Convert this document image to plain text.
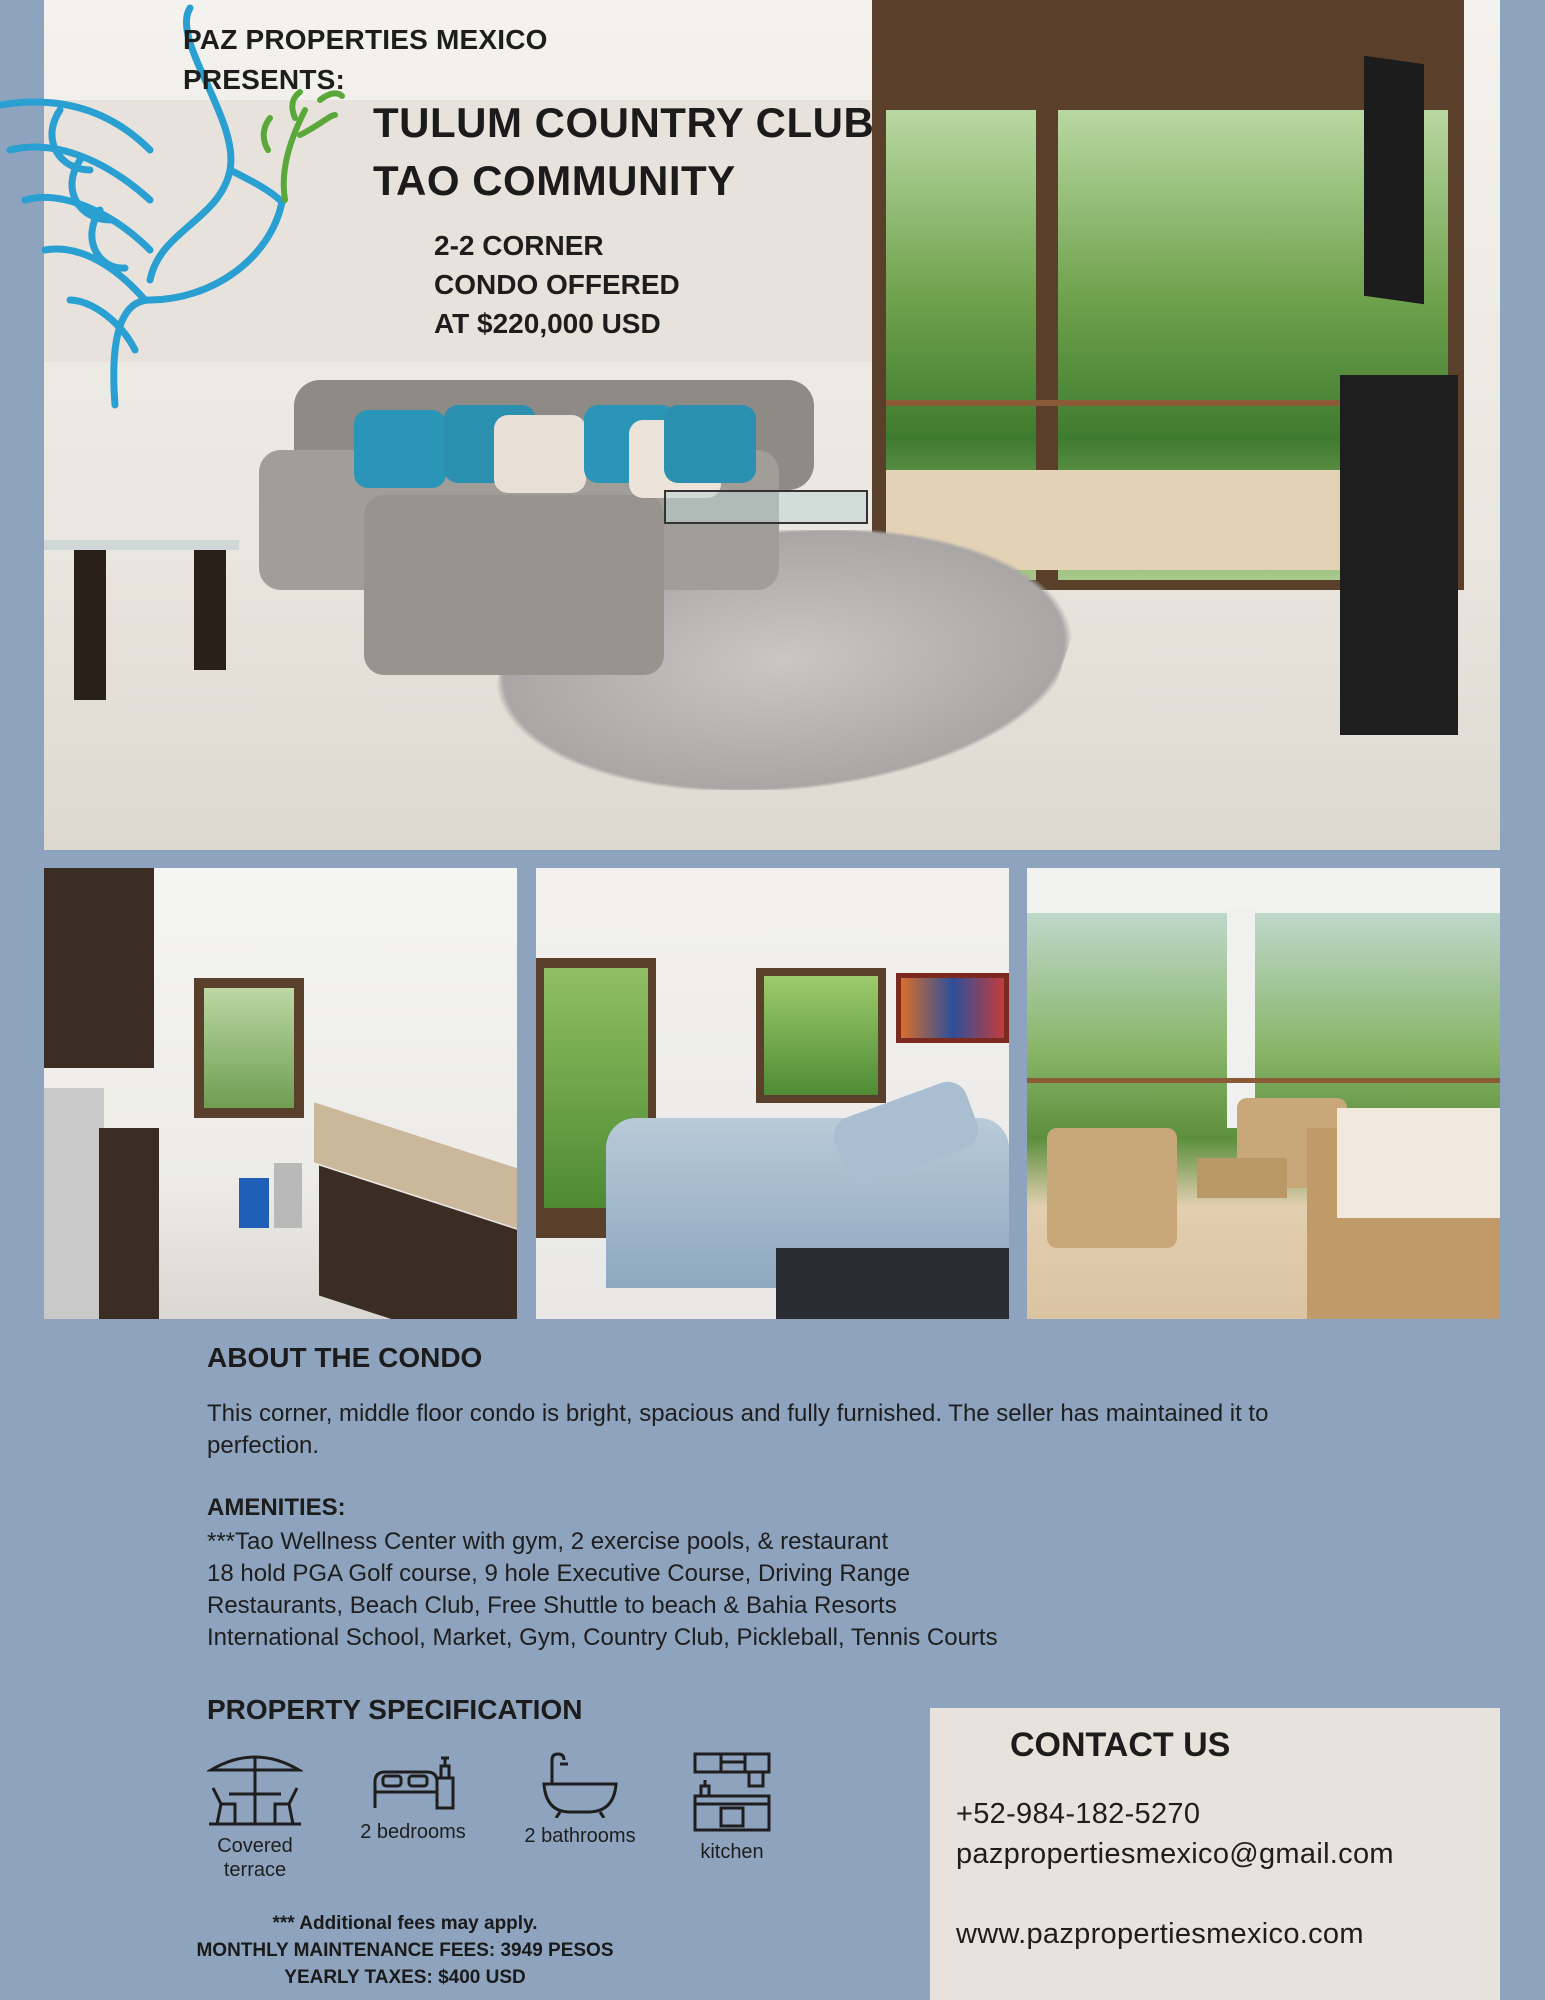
PAZ PROPERTIES MEXICO
PRESENTS:
TULUM COUNTRY CLUB
TAO COMMUNITY
2-2 CORNER
CONDO OFFERED
AT $220,000 USD
ABOUT THE CONDO
This corner, middle floor condo is bright, spacious and fully furnished. The seller has maintained it to perfection.
AMENITIES:
***Tao Wellness Center with gym, 2 exercise pools, & restaurant
18 hold PGA Golf course, 9 hole Executive Course, Driving Range
Restaurants, Beach Club, Free Shuttle to beach & Bahia Resorts
International School, Market, Gym, Country Club, Pickleball, Tennis Courts
PROPERTY SPECIFICATION
Covered
terrace
2 bedrooms	2 bathrooms
kitchen
*** Additional fees may apply.
MONTHLY MAINTENANCE FEES: 3949 PESOS
YEARLY TAXES: $400 USD
CONTACT US
+52-984-182-5270
pazpropertiesmexico@gmail.com
www.pazpropertiesmexico.com
